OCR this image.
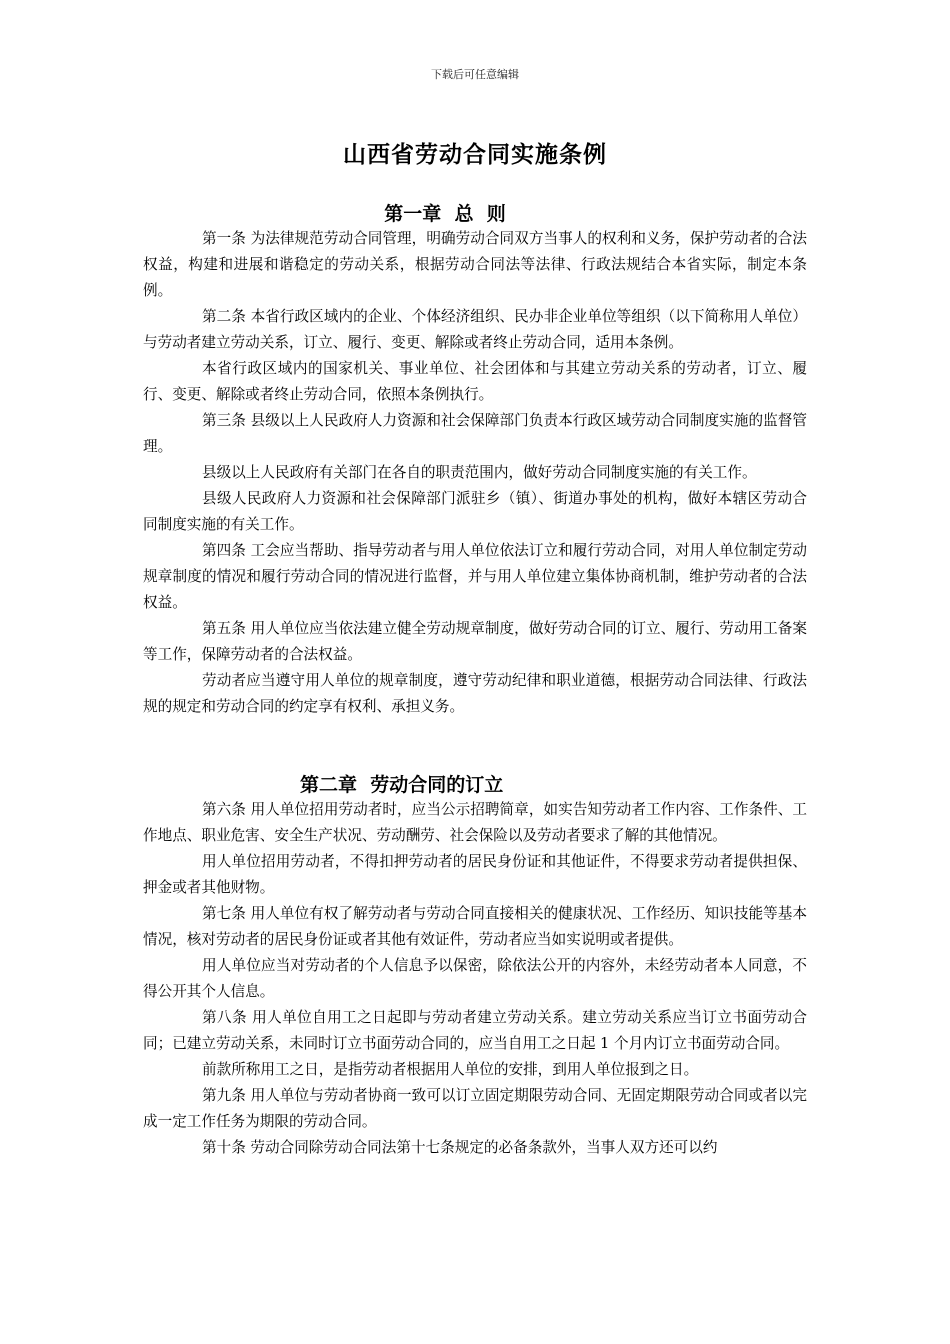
下载后可任意编辑
山西省劳动合同实施条例
第一章  总  则

第一条 为法律规范劳动合同管理，明确劳动合同双方当事人的权利和义务，保护劳动者的合法权益，构建和进展和谐稳定的劳动关系，根据劳动合同法等法律、行政法规结合本省实际，制定本条例。

第二条 本省行政区域内的企业、个体经济组织、民办非企业单位等组织（以下简称用人单位）与劳动者建立劳动关系，订立、履行、变更、解除或者终止劳动合同，适用本条例。

本省行政区域内的国家机关、事业单位、社会团体和与其建立劳动关系的劳动者，订立、履行、变更、解除或者终止劳动合同，依照本条例执行。

第三条 县级以上人民政府人力资源和社会保障部门负责本行政区域劳动合同制度实施的监督管理。

县级以上人民政府有关部门在各自的职责范围内，做好劳动合同制度实施的有关工作。

县级人民政府人力资源和社会保障部门派驻乡（镇）、街道办事处的机构，做好本辖区劳动合同制度实施的有关工作。

第四条 工会应当帮助、指导劳动者与用人单位依法订立和履行劳动合同，对用人单位制定劳动规章制度的情况和履行劳动合同的情况进行监督，并与用人单位建立集体协商机制，维护劳动者的合法权益。

第五条 用人单位应当依法建立健全劳动规章制度，做好劳动合同的订立、履行、劳动用工备案等工作，保障劳动者的合法权益。

劳动者应当遵守用人单位的规章制度，遵守劳动纪律和职业道德，根据劳动合同法律、行政法规的规定和劳动合同的约定享有权利、承担义务。

第二章  劳动合同的订立

第六条 用人单位招用劳动者时，应当公示招聘简章，如实告知劳动者工作内容、工作条件、工作地点、职业危害、安全生产状况、劳动酬劳、社会保险以及劳动者要求了解的其他情况。

用人单位招用劳动者，不得扣押劳动者的居民身份证和其他证件，不得要求劳动者提供担保、押金或者其他财物。

第七条 用人单位有权了解劳动者与劳动合同直接相关的健康状况、工作经历、知识技能等基本情况，核对劳动者的居民身份证或者其他有效证件，劳动者应当如实说明或者提供。

用人单位应当对劳动者的个人信息予以保密，除依法公开的内容外，未经劳动者本人同意，不得公开其个人信息。

第八条 用人单位自用工之日起即与劳动者建立劳动关系。建立劳动关系应当订立书面劳动合同；已建立劳动关系，未同时订立书面劳动合同的，应当自用工之日起 1 个月内订立书面劳动合同。

前款所称用工之日，是指劳动者根据用人单位的安排，到用人单位报到之日。

第九条 用人单位与劳动者协商一致可以订立固定期限劳动合同、无固定期限劳动合同或者以完成一定工作任务为期限的劳动合同。

第十条 劳动合同除劳动合同法第十七条规定的必备条款外，当事人双方还可以约
